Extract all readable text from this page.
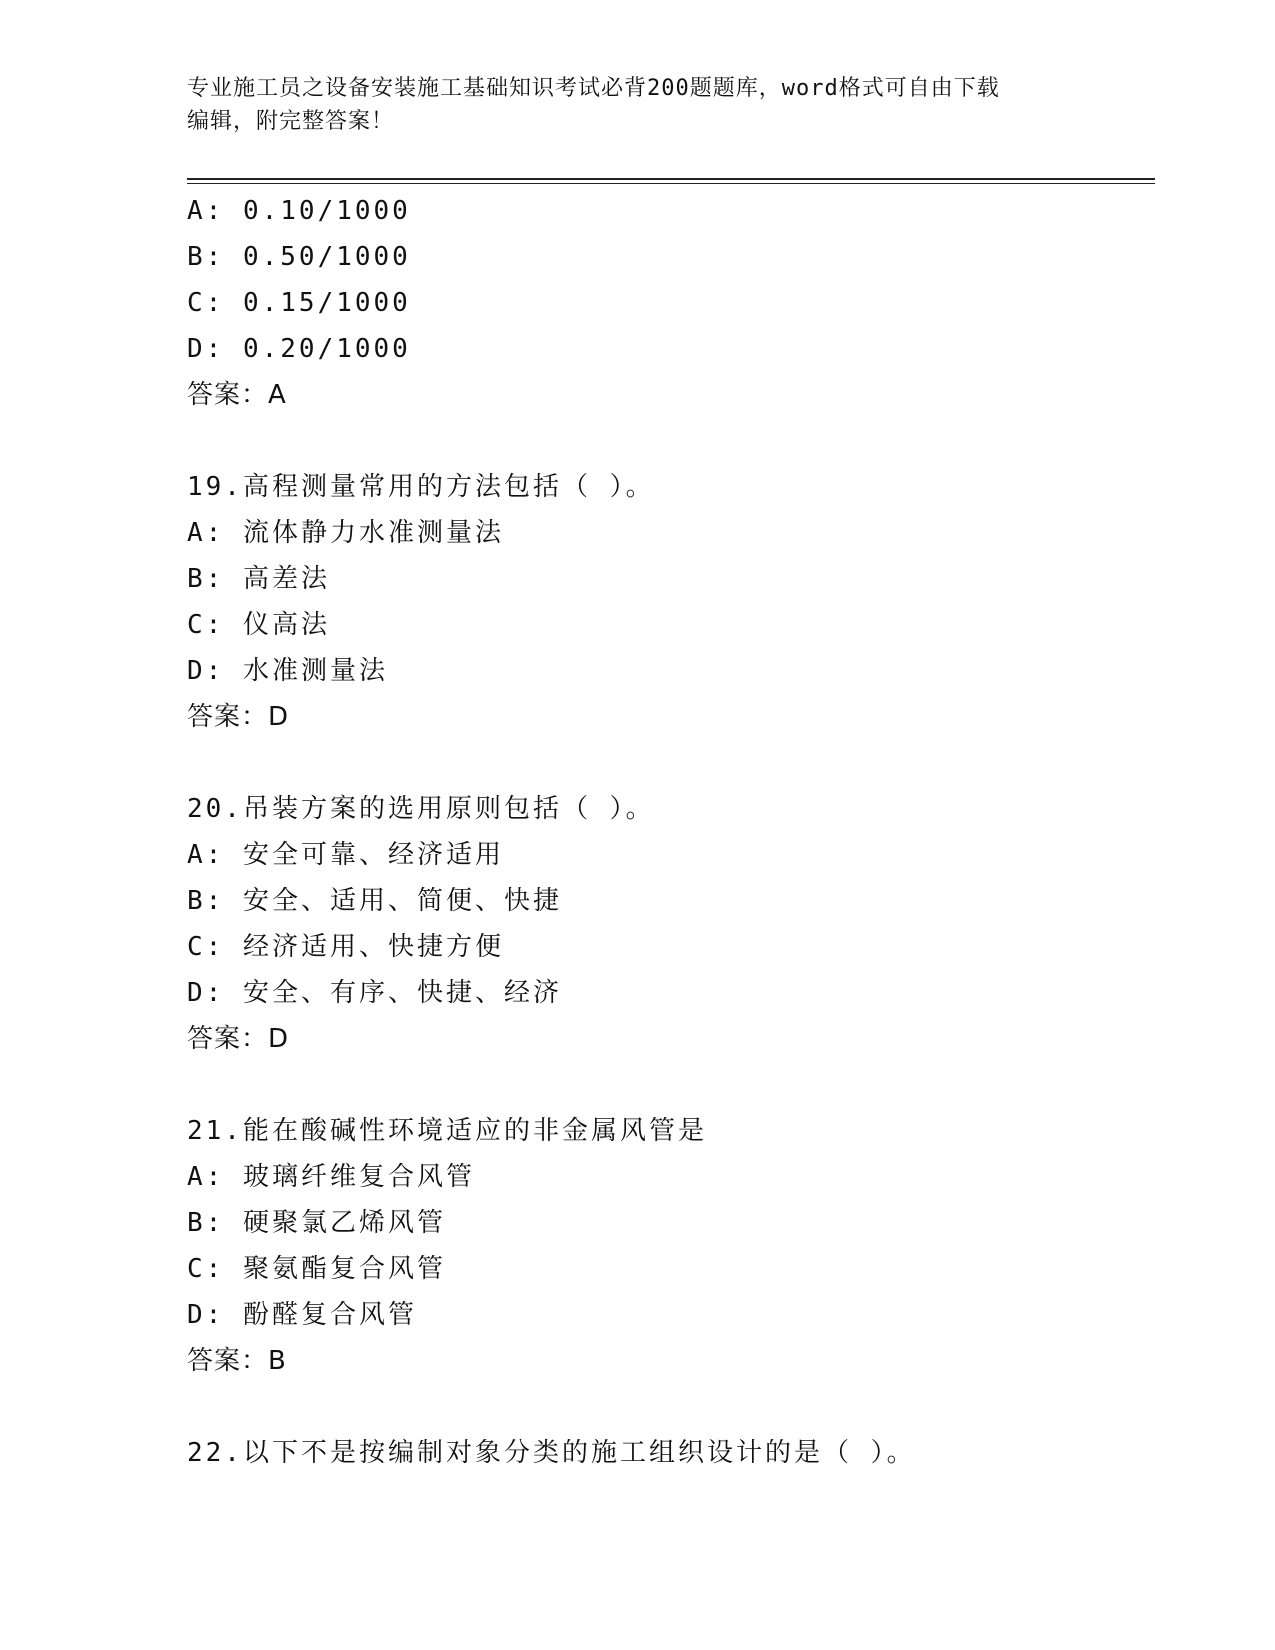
专业施工员之设备安装施工基础知识考试必背200题题库，word格式可自由下载
编辑，附完整答案！
A: 0.10/1000
B: 0.50/1000
C: 0.15/1000
D: 0.20/1000
答案：A
19.高程测量常用的方法包括（ ）。
A: 流体静力水准测量法
B: 高差法
C: 仪高法
D: 水准测量法
答案：D
20.吊装方案的选用原则包括（ ）。
A: 安全可靠、经济适用
B: 安全、适用、简便、快捷
C: 经济适用、快捷方便
D: 安全、有序、快捷、经济
答案：D
21.能在酸碱性环境适应的非金属风管是
A: 玻璃纤维复合风管
B: 硬聚氯乙烯风管
C: 聚氨酯复合风管
D: 酚醛复合风管
答案：B
22.以下不是按编制对象分类的施工组织设计的是（ ）。
